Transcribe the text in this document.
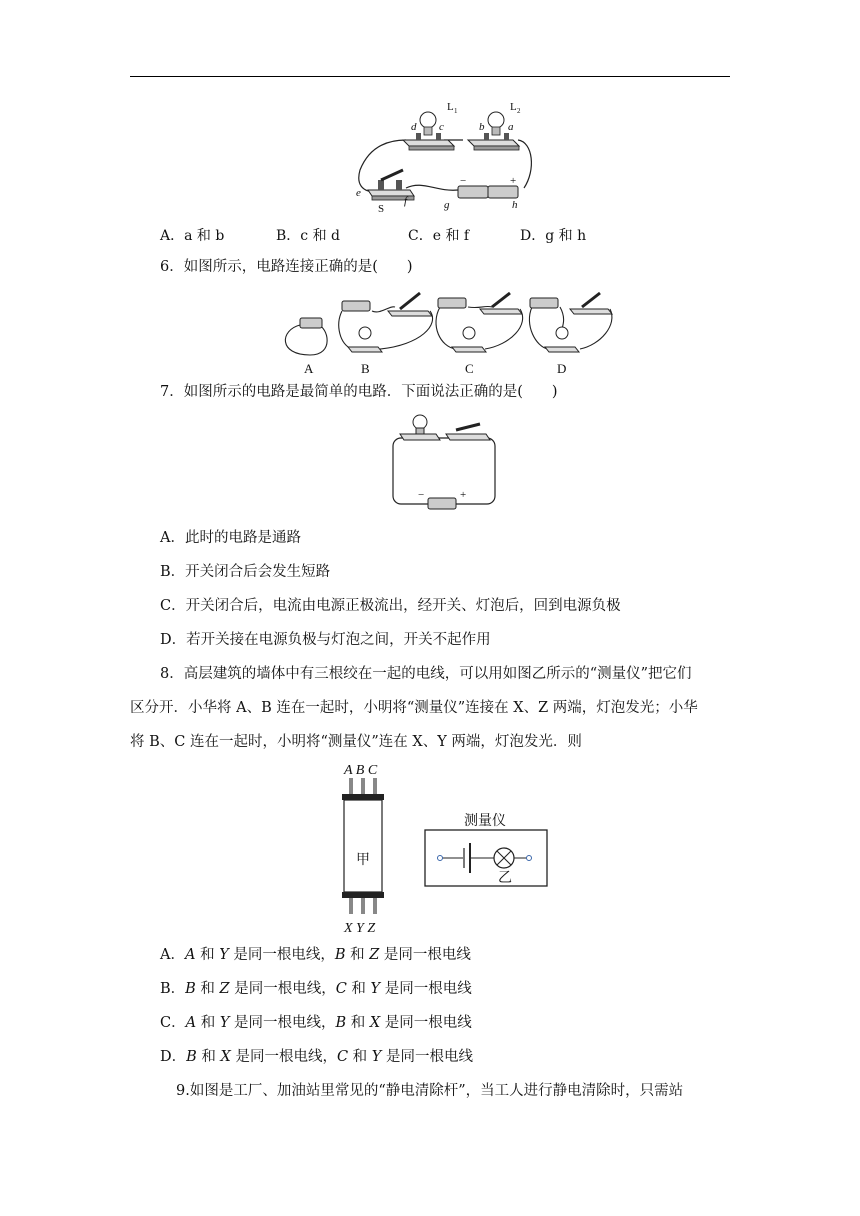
L 1	L 2
d c	b a
e
f
S	g	h
−	+
A．a 和 b	B．c 和 d	C．e 和 f	D．g 和 h
6．如图所示，电路连接正确的是(　　)
A	B	C	D
7．如图所示的电路是最简单的电路．下面说法正确的是(　　)
−	+
A．此时的电路是通路
B．开关闭合后会发生短路
C．开关闭合后，电流由电源正极流出，经开关、灯泡后，回到电源负极
D．若开关接在电源负极与灯泡之间，开关不起作用
8．高层建筑的墙体中有三根绞在一起的电线，可以用如图乙所示的“测量仪”把它们
区分开．小华将 A、B 连在一起时，小明将“测量仪”连接在 X、Z 两端，灯泡发光；小华
将 B、C 连在一起时，小明将“测量仪”连在 X、Y 两端，灯泡发光．则
A B C
X Y Z
甲
测量仪
乙
A．A 和 Y 是同一根电线，B 和 Z 是同一根电线
B．B 和 Z 是同一根电线，C 和 Y 是同一根电线
C．A 和 Y 是同一根电线，B 和 X 是同一根电线
D．B 和 X 是同一根电线，C 和 Y 是同一根电线
9.如图是工厂、加油站里常见的“静电清除杆”，当工人进行静电清除时，只需站
